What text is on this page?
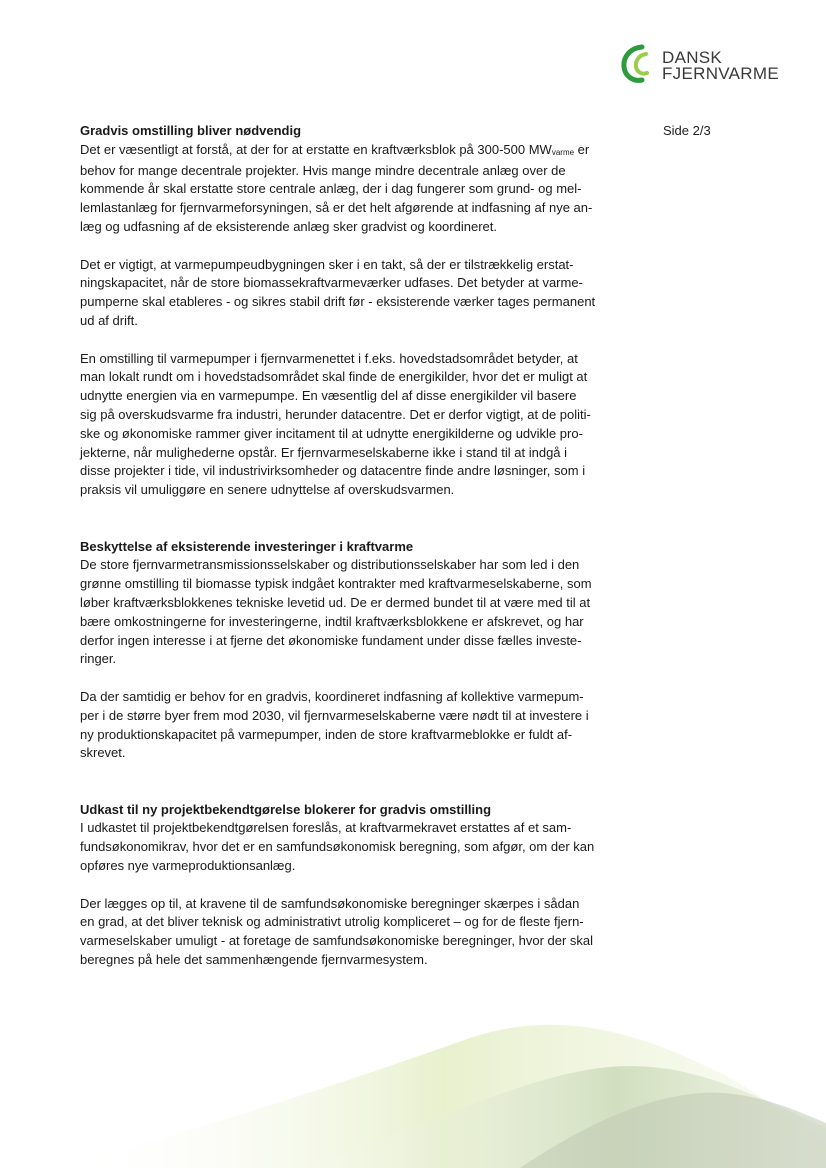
DANSK
FJERNVARME
Side 2/3
Gradvis omstilling bliver nødvendig

Det er væsentligt at forstå, at der for at erstatte en kraftværksblok på 300-500 $MW_{varme}$ er
behov for mange decentrale projekter. Hvis mange mindre decentrale anlæg over de
kommende år skal erstatte store centrale anlæg, der i dag fungerer som grund- og mel-
lemlastanlæg for fjernvarmeforsyningen, så er det helt afgørende at indfasning af nye an-
læg og udfasning af de eksisterende anlæg sker gradvist og koordineret.

Det er vigtigt, at varmepumpeudbygningen sker i en takt, så der er tilstrækkelig erstat-
ningskapacitet, når de store biomassekraftvarmeværker udfases. Det betyder at varme-
pumperne skal etableres - og sikres stabil drift før - eksisterende værker tages permanent
ud af drift.

En omstilling til varmepumper i fjernvarmenettet i f.eks. hovedstadsområdet betyder, at
man lokalt rundt om i hovedstadsområdet skal finde de energikilder, hvor det er muligt at
udnytte energien via en varmepumpe. En væsentlig del af disse energikilder vil basere
sig på overskudsvarme fra industri, herunder datacentre. Det er derfor vigtigt, at de politi-
ske og økonomiske rammer giver incitament til at udnytte energikilderne og udvikle pro-
jekterne, når mulighederne opstår. Er fjernvarmeselskaberne ikke i stand til at indgå i
disse projekter i tide, vil industrivirksomheder og datacentre finde andre løsninger, som i
praksis vil umuliggøre en senere udnyttelse af overskudsvarmen.

Beskyttelse af eksisterende investeringer i kraftvarme

De store fjernvarmetransmissionsselskaber og distributionsselskaber har som led i den
grønne omstilling til biomasse typisk indgået kontrakter med kraftvarmeselskaberne, som
løber kraftværksblokkenes tekniske levetid ud. De er dermed bundet til at være med til at
bære omkostningerne for investeringerne, indtil kraftværksblokkene er afskrevet, og har
derfor ingen interesse i at fjerne det økonomiske fundament under disse fælles investe-
ringer.

Da der samtidig er behov for en gradvis, koordineret indfasning af kollektive varmepum-
per i de større byer frem mod 2030, vil fjernvarmeselskaberne være nødt til at investere i
ny produktionskapacitet på varmepumper, inden de store kraftvarmeblokke er fuldt af-
skrevet.

Udkast til ny projektbekendtgørelse blokerer for gradvis omstilling

I udkastet til projektbekendtgørelsen foreslås, at kraftvarmekravet erstattes af et sam-
fundsøkonomikrav, hvor det er en samfundsøkonomisk beregning, som afgør, om der kan
opføres nye varmeproduktionsanlæg.

Der lægges op til, at kravene til de samfundsøkonomiske beregninger skærpes i sådan
en grad, at det bliver teknisk og administrativt utrolig kompliceret – og for de fleste fjern-
varmeselskaber umuligt - at foretage de samfundsøkonomiske beregninger, hvor der skal
beregnes på hele det sammenhængende fjernvarmesystem.
